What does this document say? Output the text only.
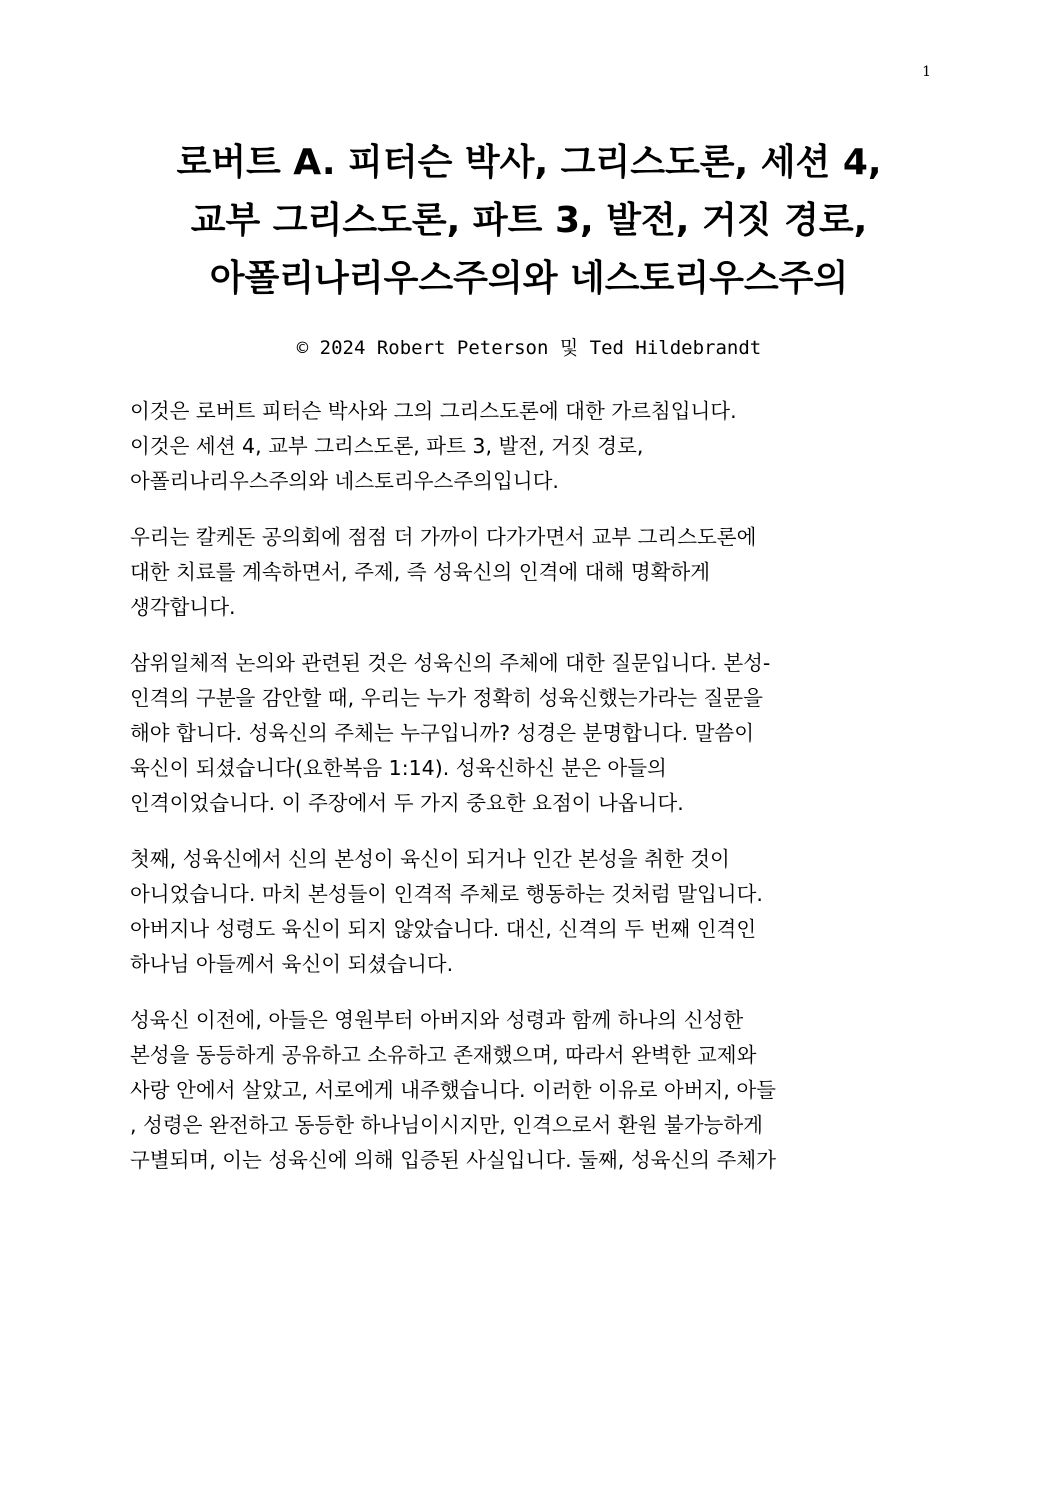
1
로버트 A. 피터슨 박사, 그리스도론, 세션 4,
교부 그리스도론, 파트 3, 발전, 거짓 경로,
아폴리나리우스주의와 네스토리우스주의
© 2024 Robert Peterson 및 Ted Hildebrandt

이것은 로버트 피터슨 박사와 그의 그리스도론에 대한 가르침입니다.
이것은 세션 4, 교부 그리스도론, 파트 3, 발전, 거짓 경로,
아폴리나리우스주의와 네스토리우스주의입니다.

우리는 칼케돈 공의회에 점점 더 가까이 다가가면서 교부 그리스도론에
대한 치료를 계속하면서, 주제, 즉 성육신의 인격에 대해 명확하게
생각합니다.

삼위일체적 논의와 관련된 것은 성육신의 주체에 대한 질문입니다. 본성-
인격의 구분을 감안할 때, 우리는 누가 정확히 성육신했는가라는 질문을
해야 합니다. 성육신의 주체는 누구입니까? 성경은 분명합니다. 말씀이
육신이 되셨습니다(요한복음 1:14). 성육신하신 분은 아들의
인격이었습니다. 이 주장에서 두 가지 중요한 요점이 나옵니다.

첫째, 성육신에서 신의 본성이 육신이 되거나 인간 본성을 취한 것이
아니었습니다. 마치 본성들이 인격적 주체로 행동하는 것처럼 말입니다.
아버지나 성령도 육신이 되지 않았습니다. 대신, 신격의 두 번째 인격인
하나님 아들께서 육신이 되셨습니다.

성육신 이전에, 아들은 영원부터 아버지와 성령과 함께 하나의 신성한
본성을 동등하게 공유하고 소유하고 존재했으며, 따라서 완벽한 교제와
사랑 안에서 살았고, 서로에게 내주했습니다. 이러한 이유로 아버지, 아들
, 성령은 완전하고 동등한 하나님이시지만, 인격으로서 환원 불가능하게
구별되며, 이는 성육신에 의해 입증된 사실입니다. 둘째, 성육신의 주체가
